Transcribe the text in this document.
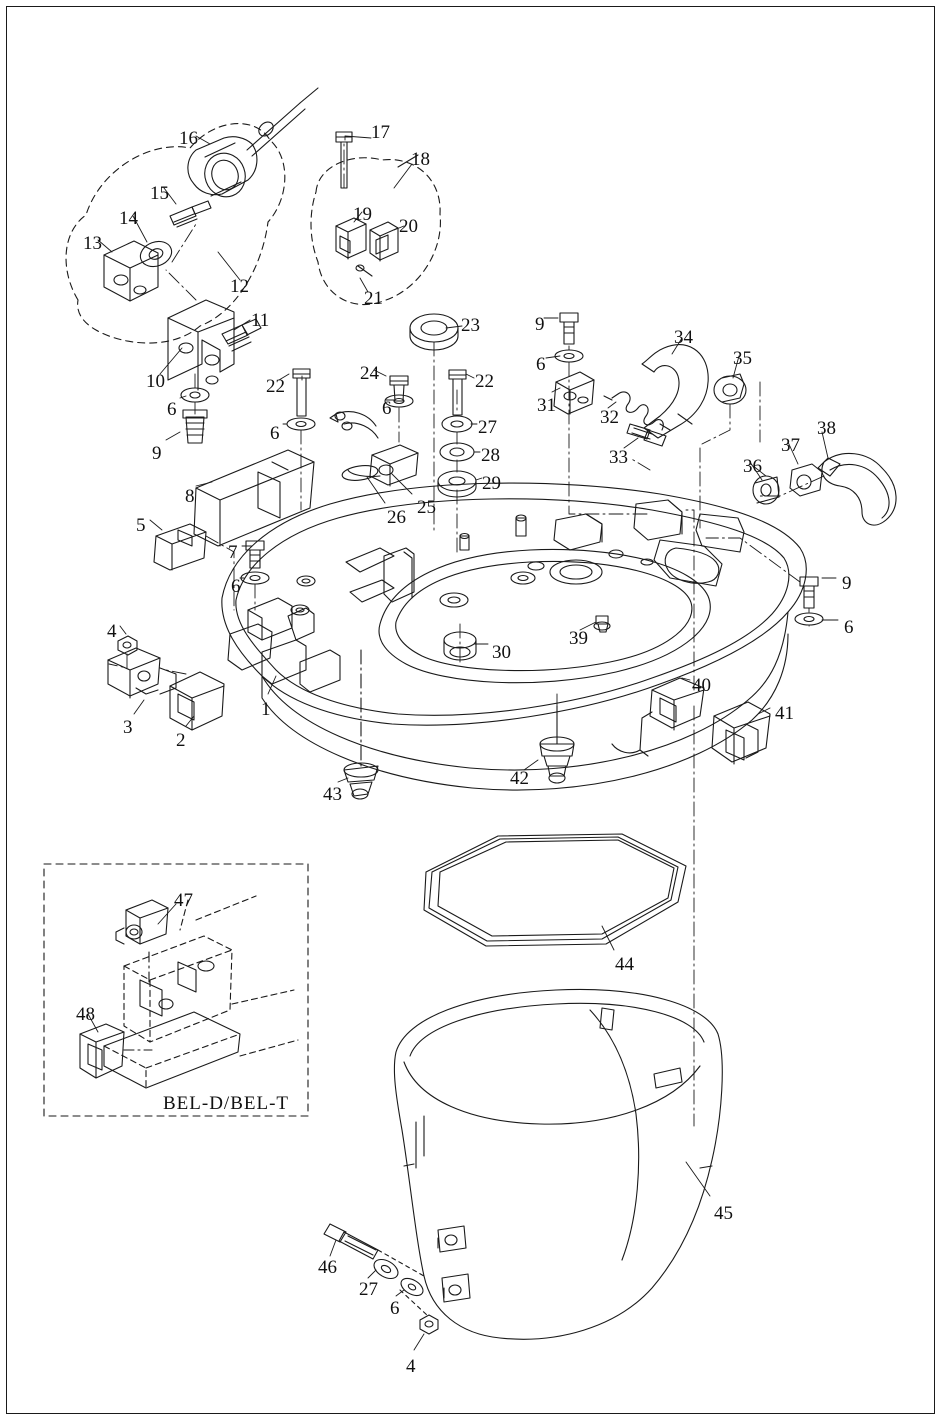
16	17
18
15
19
20
14
13
12
21
11	23	9
34
35
10	22
24	22
6
31
32
6	6
27
37
38
9
6
28	33	36
29
8
25
26
5
7
6	9
4	39
30
6
1
40
41
3
2
42
43
47
48
44
45
46
27
6
4
BEL-D/BEL-T
